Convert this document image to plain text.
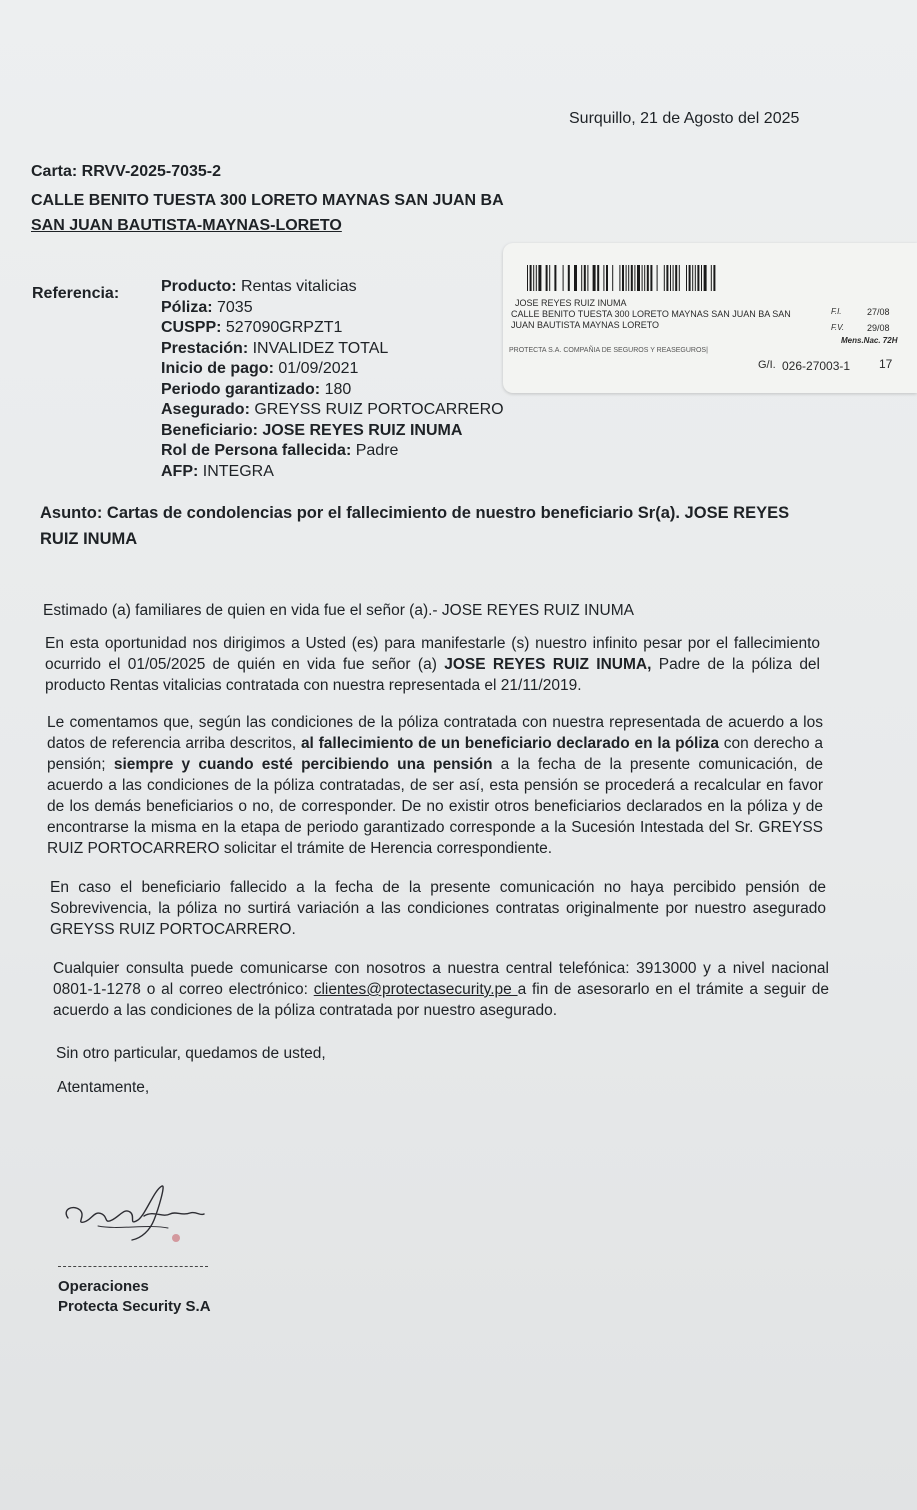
Surquillo, 21 de Agosto del 2025
Carta: RRVV-2025-7035-2
CALLE BENITO TUESTA 300 LORETO MAYNAS SAN JUAN BA
SAN JUAN BAUTISTA-MAYNAS-LORETO
Referencia:	Producto: Rentas vitalicias
Póliza: 7035
CUSPP: 527090GRPZT1
Prestación: INVALIDEZ TOTAL
Inicio de pago: 01/09/2021
Periodo garantizado: 180
Asegurado: GREYSS RUIZ PORTOCARRERO
Beneficiario: JOSE REYES RUIZ INUMA
Rol de Persona fallecida: Padre
AFP: INTEGRA
JOSE REYES RUIZ INUMA
CALLE BENITO TUESTA 300 LORETO MAYNAS SAN JUAN BA SAN JUAN BAUTISTA MAYNAS LORETO
PROTECTA S.A. COMPAÑIA DE SEGUROS Y REASEGUROS|
F.I.	27/08
F.V.	29/08
Mens.Nac. 72H
G/I. 026-27003-1 17
Asunto: Cartas de condolencias por el fallecimiento de nuestro beneficiario Sr(a). JOSE REYES RUIZ INUMA
Estimado (a) familiares de quien en vida fue el señor (a).- JOSE REYES RUIZ INUMA
En esta oportunidad nos dirigimos a Usted (es) para manifestarle (s) nuestro infinito pesar por el fallecimiento ocurrido el 01/05/2025 de quién en vida fue señor (a) JOSE REYES RUIZ INUMA, Padre de la póliza del producto Rentas vitalicias contratada con nuestra representada el 21/11/2019.
Le comentamos que, según las condiciones de la póliza contratada con nuestra representada de acuerdo a los datos de referencia arriba descritos, al fallecimiento de un beneficiario declarado en la póliza con derecho a pensión; siempre y cuando esté percibiendo una pensión a la fecha de la presente comunicación, de acuerdo a las condiciones de la póliza contratadas, de ser así, esta pensión se procederá a recalcular en favor de los demás beneficiarios o no, de corresponder. De no existir otros beneficiarios declarados en la póliza y de encontrarse la misma en la etapa de periodo garantizado corresponde a la Sucesión Intestada del Sr. GREYSS RUIZ PORTOCARRERO solicitar el trámite de Herencia correspondiente.
En caso el beneficiario fallecido a la fecha de la presente comunicación no haya percibido pensión de Sobrevivencia, la póliza no surtirá variación a las condiciones contratas originalmente por nuestro asegurado GREYSS RUIZ PORTOCARRERO.
Cualquier consulta puede comunicarse con nosotros a nuestra central telefónica: 3913000 y a nivel nacional 0801-1-1278 o al correo electrónico: clientes@protectasecurity.pe a fin de asesorarlo en el trámite a seguir de acuerdo a las condiciones de la póliza contratada por nuestro asegurado.
Sin otro particular, quedamos de usted,
Atentamente,
Operaciones
Protecta Security S.A
